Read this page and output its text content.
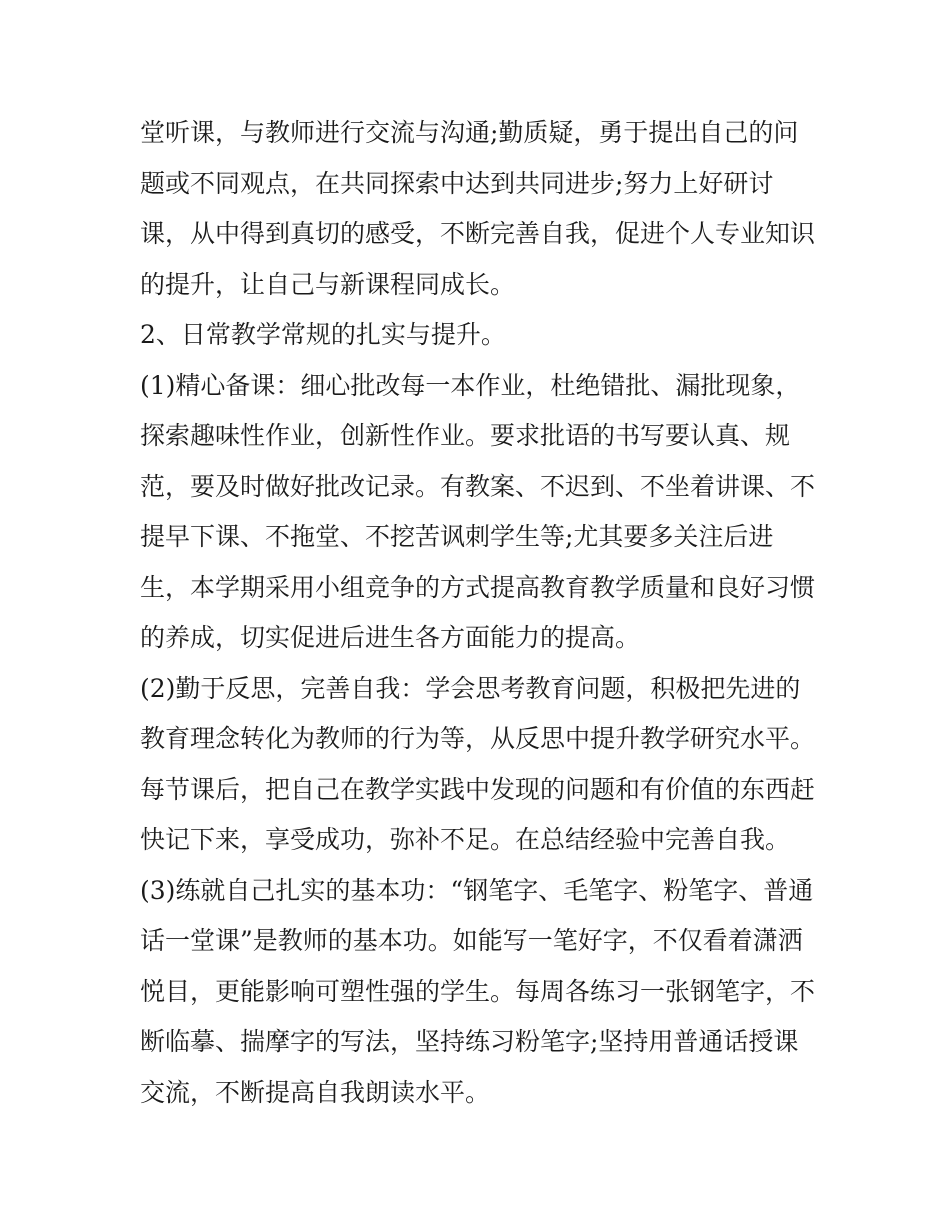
堂听课，与教师进行交流与沟通;勤质疑，勇于提出自己的问
题或不同观点，在共同探索中达到共同进步;努力上好研讨
课，从中得到真切的感受，不断完善自我，促进个人专业知识
的提升，让自己与新课程同成长。
2、日常教学常规的扎实与提升。
(1)精心备课：细心批改每一本作业，杜绝错批、漏批现象，
探索趣味性作业，创新性作业。要求批语的书写要认真、规
范，要及时做好批改记录。有教案、不迟到、不坐着讲课、不
提早下课、不拖堂、不挖苦讽刺学生等;尤其要多关注后进
生，本学期采用小组竞争的方式提高教育教学质量和良好习惯
的养成，切实促进后进生各方面能力的提高。
(2)勤于反思，完善自我：学会思考教育问题，积极把先进的
教育理念转化为教师的行为等，从反思中提升教学研究水平。
每节课后，把自己在教学实践中发现的问题和有价值的东西赶
快记下来，享受成功，弥补不足。在总结经验中完善自我。
(3)练就自己扎实的基本功：“钢笔字、毛笔字、粉笔字、普通
话一堂课”是教师的基本功。如能写一笔好字，不仅看着潇洒
悦目，更能影响可塑性强的学生。每周各练习一张钢笔字，不
断临摹、揣摩字的写法，坚持练习粉笔字;坚持用普通话授课
交流，不断提高自我朗读水平。
